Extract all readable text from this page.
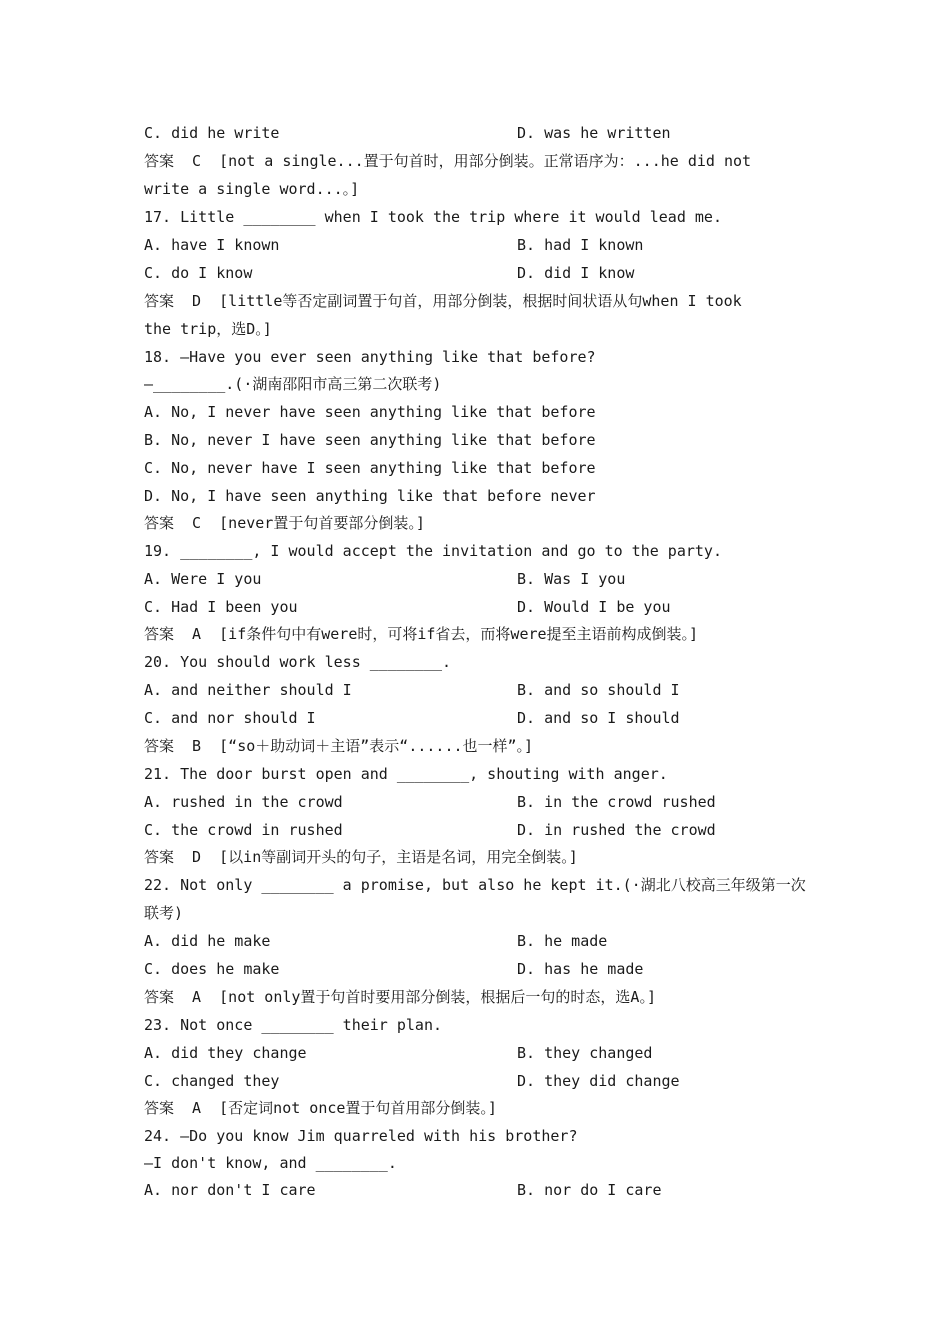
C. did he write	D. was he written
答案  C  [not a single...置于句首时，用部分倒装。正常语序为：...he did not
write a single word...。]
17. Little ________ when I took the trip where it would lead me.
A. have I known	B. had I known
C. do I know	D. did I know
答案  D  [little等否定副词置于句首，用部分倒装，根据时间状语从句when I took
the trip，选D。]
18. —Have you ever seen anything like that before?
—________.(·湖南邵阳市高三第二次联考)
A. No, I never have seen anything like that before
B. No, never I have seen anything like that before
C. No, never have I seen anything like that before
D. No, I have seen anything like that before never
答案  C  [never置于句首要部分倒装。]
19. ________, I would accept the invitation and go to the party.
A. Were I you	B. Was I you
C. Had I been you	D. Would I be you
答案  A  [if条件句中有were时，可将if省去，而将were提至主语前构成倒装。]
20. You should work less ________.
A. and neither should I	B. and so should I
C. and nor should I	D. and so I should
答案  B  [“so＋助动词＋主语”表示“......也一样”。]
21. The door burst open and ________, shouting with anger.
A. rushed in the crowd	B. in the crowd rushed
C. the crowd in rushed	D. in rushed the crowd
答案  D  [以in等副词开头的句子，主语是名词，用完全倒装。]
22. Not only ________ a promise, but also he kept it.(·湖北八校高三年级第一次
联考)
A. did he make	B. he made
C. does he make	D. has he made
答案  A  [not only置于句首时要用部分倒装，根据后一句的时态，选A。]
23. Not once ________ their plan.
A. did they change	B. they changed
C. changed they	D. they did change
答案  A  [否定词not once置于句首用部分倒装。]
24. —Do you know Jim quarreled with his brother?
—I don't know, and ________.
A. nor don't I care	B. nor do I care
